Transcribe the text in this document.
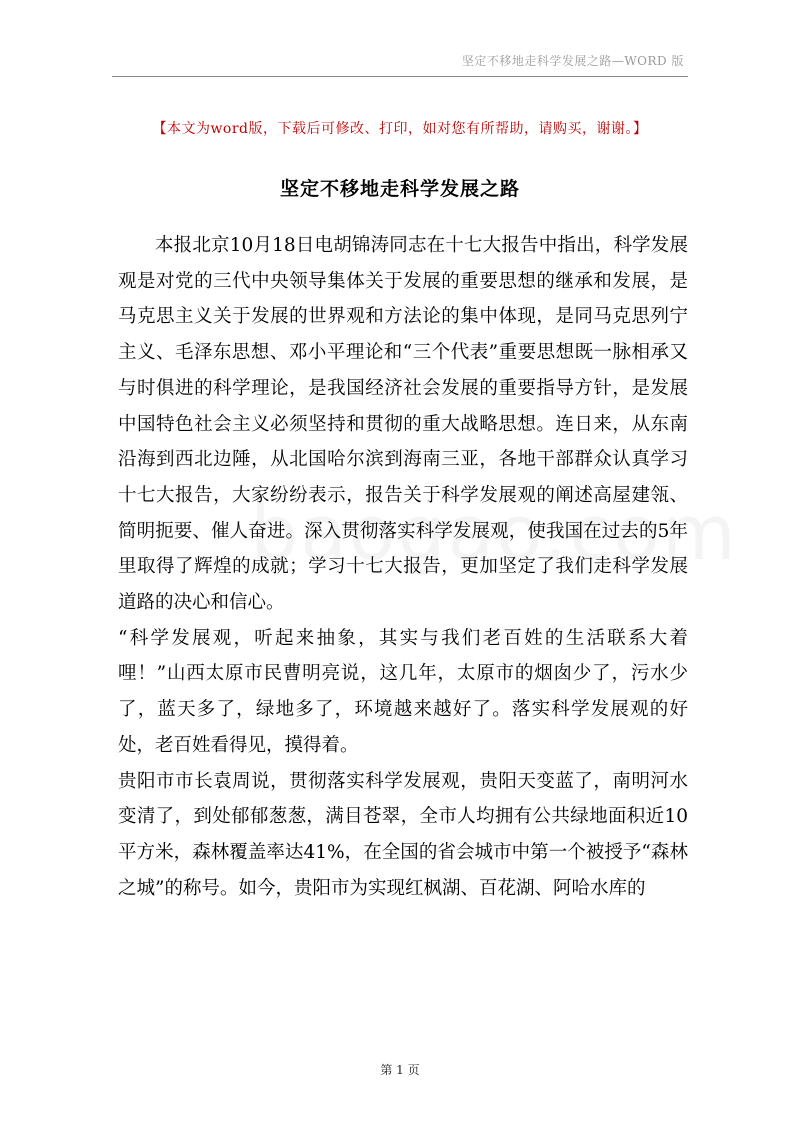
坚定不移地走科学发展之路—WORD 版
【本文为word版，下载后可修改、打印，如对您有所帮助，请购买，谢谢。】
坚定不移地走科学发展之路

本报北京10月18日电胡锦涛同志在十七大报告中指出，科学发展观是对党的三代中央领导集体关于发展的重要思想的继承和发展，是马克思主义关于发展的世界观和方法论的集中体现，是同马克思列宁主义、毛泽东思想、邓小平理论和“三个代表”重要思想既一脉相承又与时俱进的科学理论，是我国经济社会发展的重要指导方针，是发展中国特色社会主义必须坚持和贯彻的重大战略思想。连日来，从东南沿海到西北边陲，从北国哈尔滨到海南三亚，各地干部群众认真学习十七大报告，大家纷纷表示，报告关于科学发展观的阐述高屋建瓴、简明扼要、催人奋进。深入贯彻落实科学发展观，使我国在过去的5年里取得了辉煌的成就；学习十七大报告，更加坚定了我们走科学发展道路的决心和信心。

“科学发展观，听起来抽象，其实与我们老百姓的生活联系大着哩！”山西太原市民曹明亮说，这几年，太原市的烟囱少了，污水少了，蓝天多了，绿地多了，环境越来越好了。落实科学发展观的好处，老百姓看得见，摸得着。

贵阳市市长袁周说，贯彻落实科学发展观，贵阳天变蓝了，南明河水变清了，到处郁郁葱葱，满目苍翠，全市人均拥有公共绿地面积近10平方米，森林覆盖率达41%，在全国的省会城市中第一个被授予“森林之城”的称号。如今，贵阳市为实现红枫湖、百花湖、阿哈水库的

第 1 页
